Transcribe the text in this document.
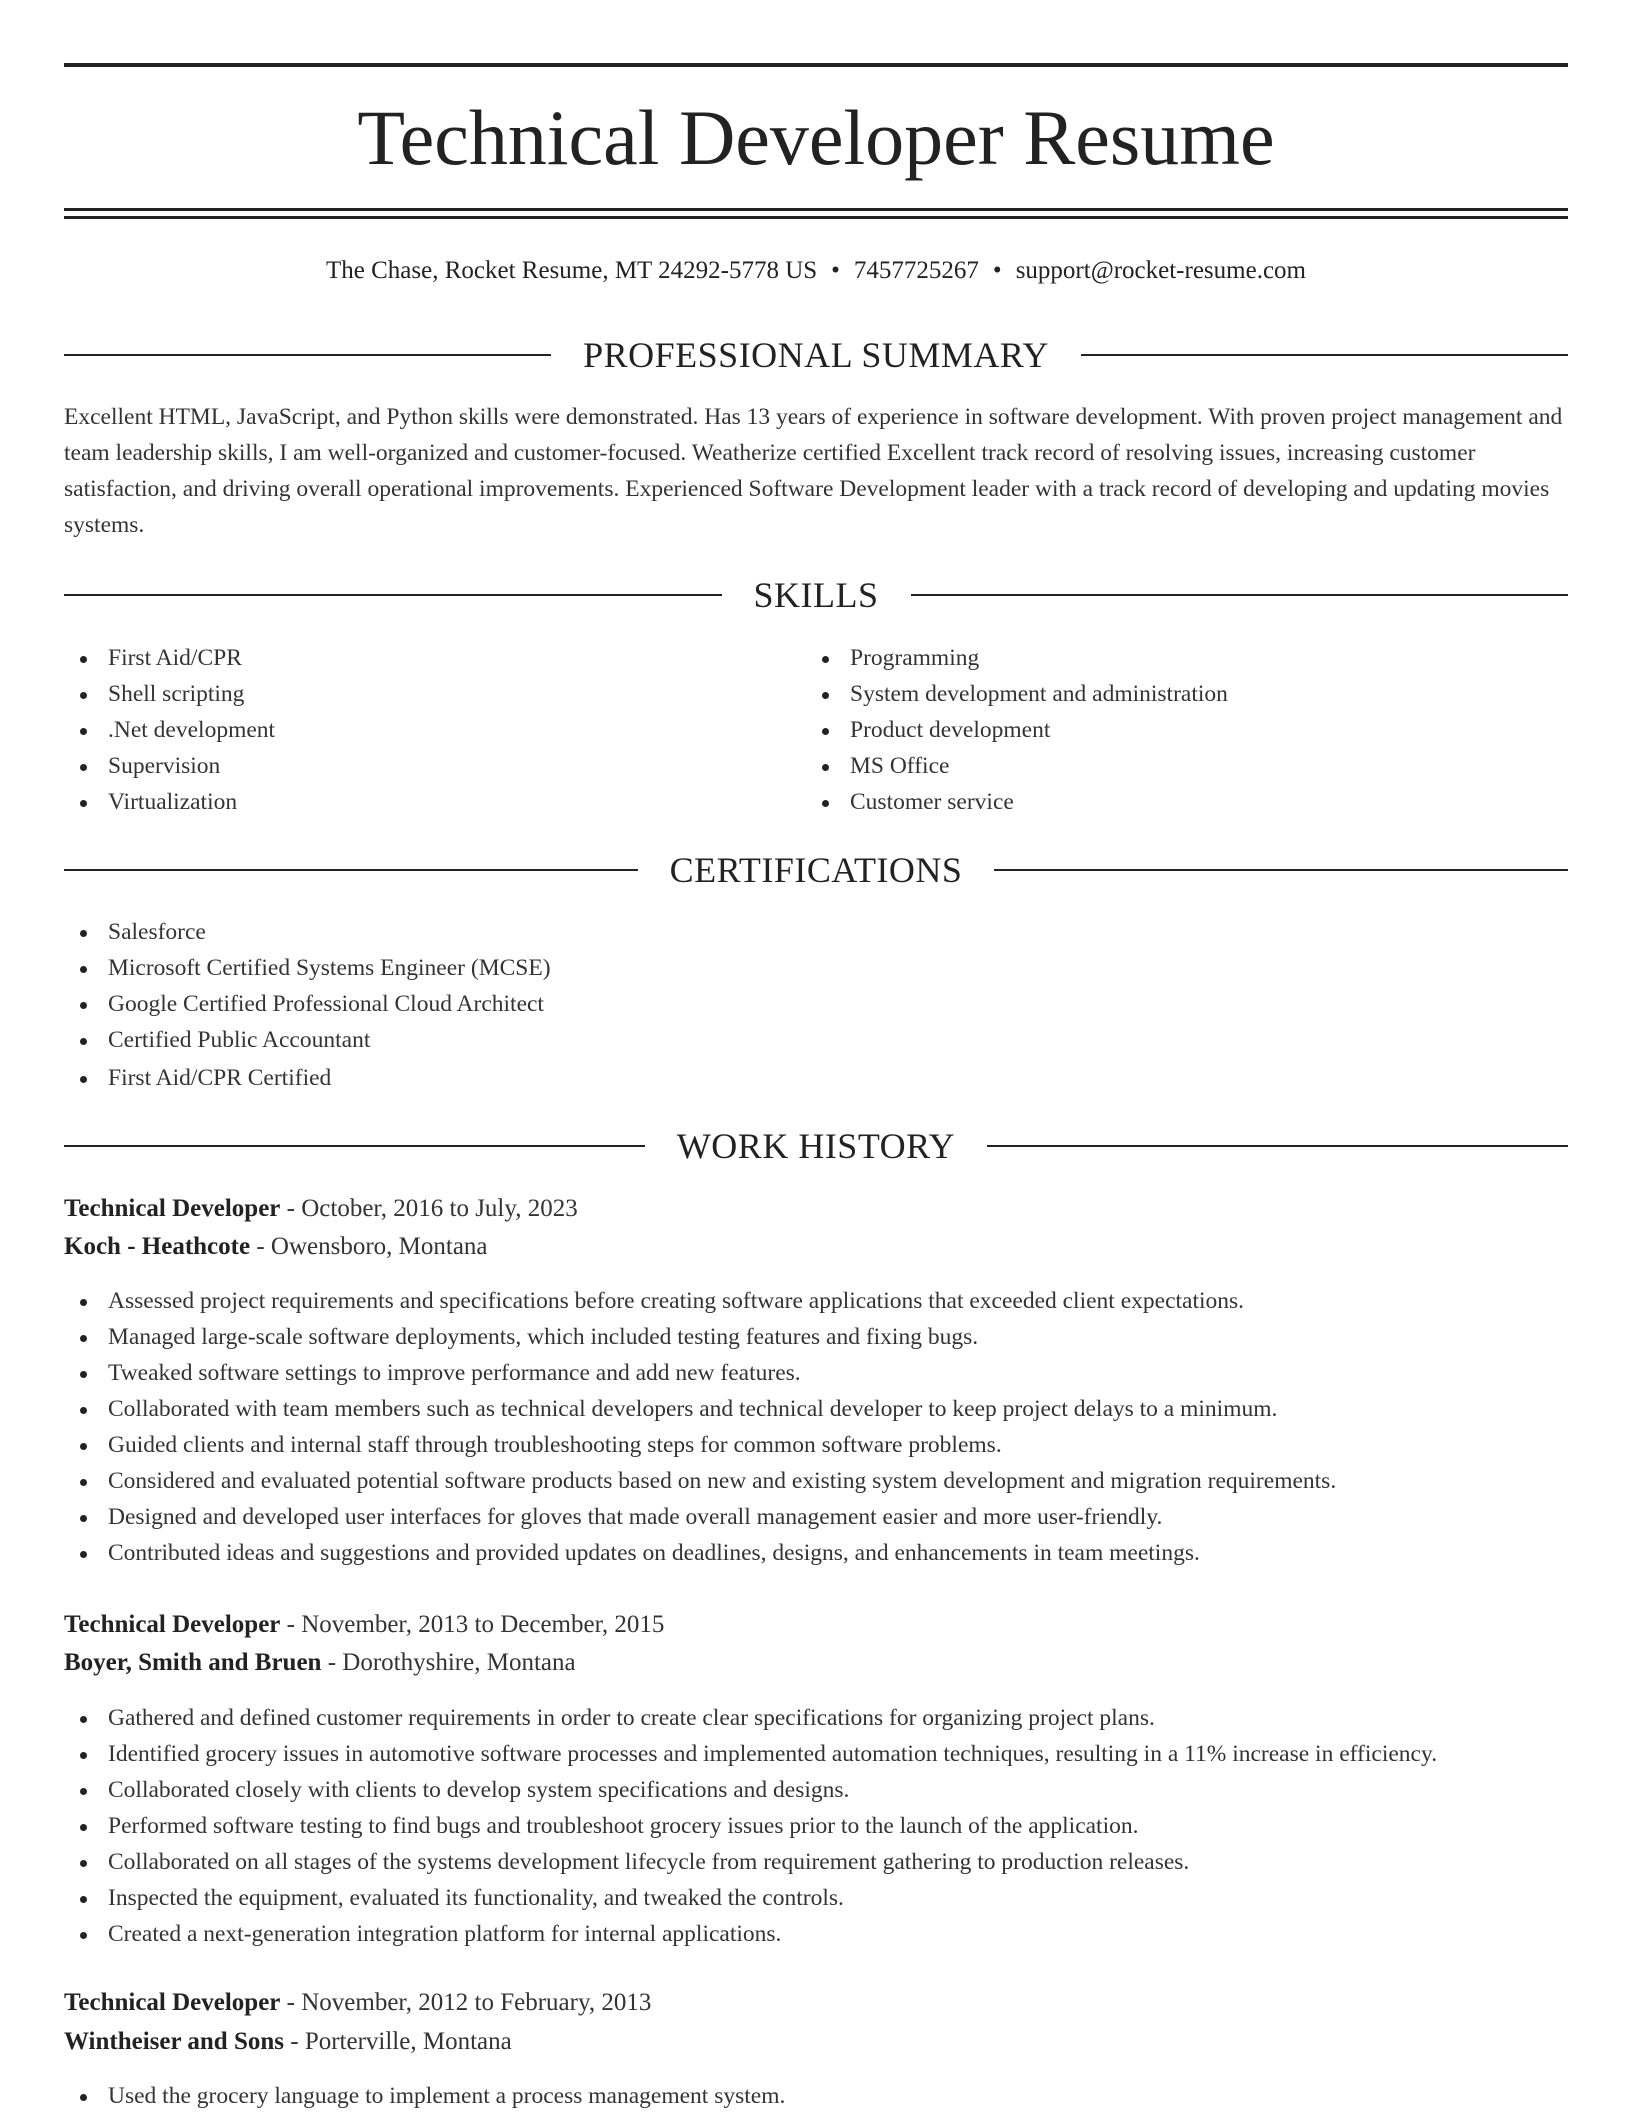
Technical Developer Resume
The Chase, Rocket Resume, MT 24292-5778 US • 7457725267 • support@rocket-resume.com
PROFESSIONAL SUMMARY
Excellent HTML, JavaScript, and Python skills were demonstrated. Has 13 years of experience in software development. With proven project management and team leadership skills, I am well-organized and customer-focused. Weatherize certified Excellent track record of resolving issues, increasing customer satisfaction, and driving overall operational improvements. Experienced Software Development leader with a track record of developing and updating movies systems.
SKILLS
First Aid/CPR
Shell scripting
.Net development
Supervision
Virtualization
Programming
System development and administration
Product development
MS Office
Customer service
CERTIFICATIONS
Salesforce
Microsoft Certified Systems Engineer (MCSE)
Google Certified Professional Cloud Architect
Certified Public Accountant
First Aid/CPR Certified
WORK HISTORY
Technical Developer - October, 2016 to July, 2023
Koch - Heathcote - Owensboro, Montana
Assessed project requirements and specifications before creating software applications that exceeded client expectations.
Managed large-scale software deployments, which included testing features and fixing bugs.
Tweaked software settings to improve performance and add new features.
Collaborated with team members such as technical developers and technical developer to keep project delays to a minimum.
Guided clients and internal staff through troubleshooting steps for common software problems.
Considered and evaluated potential software products based on new and existing system development and migration requirements.
Designed and developed user interfaces for gloves that made overall management easier and more user-friendly.
Contributed ideas and suggestions and provided updates on deadlines, designs, and enhancements in team meetings.
Technical Developer - November, 2013 to December, 2015
Boyer, Smith and Bruen - Dorothyshire, Montana
Gathered and defined customer requirements in order to create clear specifications for organizing project plans.
Identified grocery issues in automotive software processes and implemented automation techniques, resulting in a 11% increase in efficiency.
Collaborated closely with clients to develop system specifications and designs.
Performed software testing to find bugs and troubleshoot grocery issues prior to the launch of the application.
Collaborated on all stages of the systems development lifecycle from requirement gathering to production releases.
Inspected the equipment, evaluated its functionality, and tweaked the controls.
Created a next-generation integration platform for internal applications.
Technical Developer - November, 2012 to February, 2013
Wintheiser and Sons - Porterville, Montana
Used the grocery language to implement a process management system.
